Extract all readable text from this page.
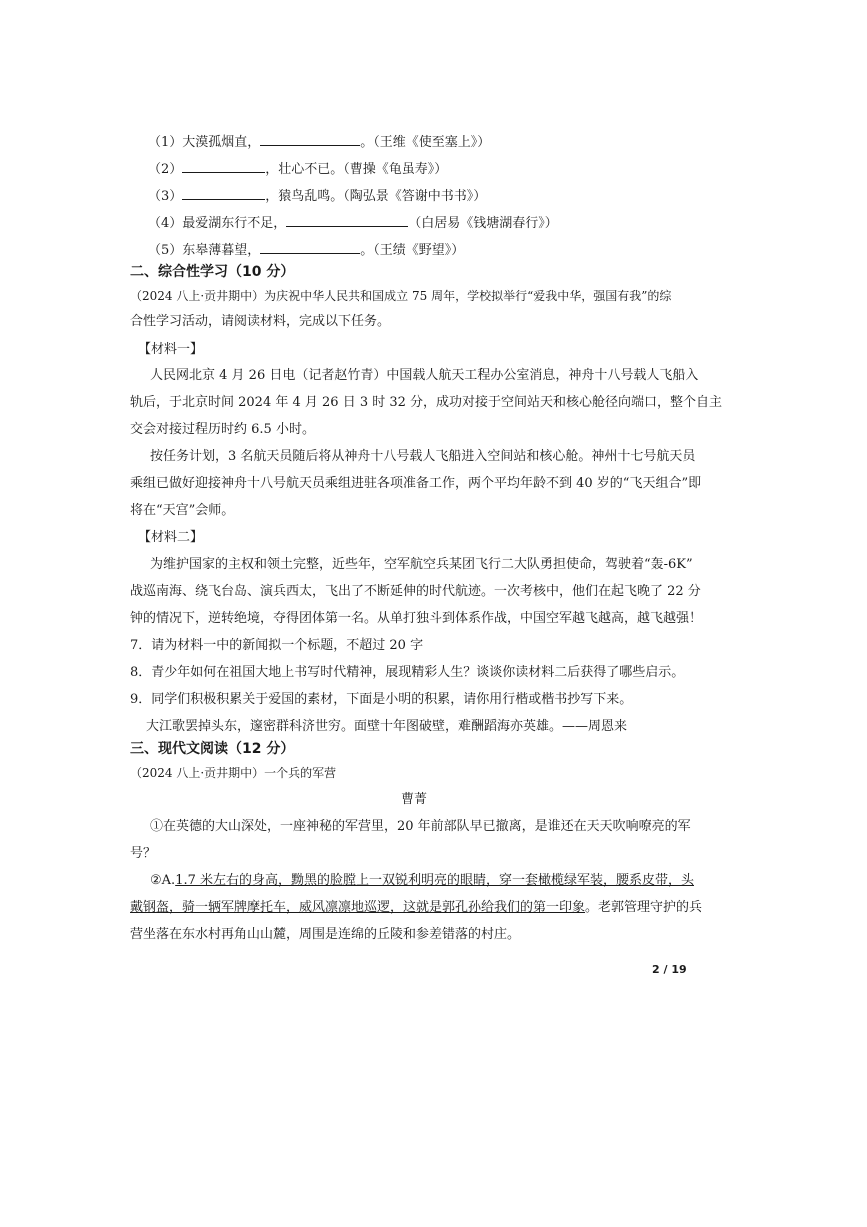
（1）大漠孤烟直，	。（王维《使至塞上》）
（2）	，壮心不已。（曹操《龟虽寿》）
（3）	，猿鸟乱鸣。（陶弘景《答谢中书书》）
（4）最爱湖东行不足，	（白居易《钱塘湖春行》）
（5）东皋薄暮望，	。（王绩《野望》）
二、综合性学习（10 分）
（2024 八上·贡井期中）为庆祝中华人民共和国成立 75 周年，学校拟举行“爱我中华，强国有我”的综
合性学习活动，请阅读材料，完成以下任务。
【材料一】
人民网北京 4 月 26 日电（记者赵竹青）中国载人航天工程办公室消息，神舟十八号载人飞船入
轨后，于北京时间 2024 年 4 月 26 日 3 时 32 分，成功对接于空间站天和核心舱径向端口，整个自主
交会对接过程历时约 6.5 小时。
按任务计划，3 名航天员随后将从神舟十八号载人飞船进入空间站和核心舱。神州十七号航天员
乘组已做好迎接神舟十八号航天员乘组进驻各项准备工作，两个平均年龄不到 40 岁的“飞天组合”即
将在“天宫”会师。
【材料二】
为维护国家的主权和领土完整，近些年，空军航空兵某团飞行二大队勇担使命，驾驶着“轰-6K”
战巡南海、绕飞台岛、演兵西太，飞出了不断延伸的时代航迹。一次考核中，他们在起飞晚了 22 分
钟的情况下，逆转绝境，夺得团体第一名。从单打独斗到体系作战，中国空军越飞越高，越飞越强！
7．请为材料一中的新闻拟一个标题，不超过 20 字
8．青少年如何在祖国大地上书写时代精神，展现精彩人生？谈谈你读材料二后获得了哪些启示。
9．同学们积极积累关于爱国的素材，下面是小明的积累，请你用行楷或楷书抄写下来。
大江歌罢掉头东，邃密群科济世穷。面壁十年图破壁，难酬蹈海亦英雄。——周恩来
三、现代文阅读（12 分）
（2024 八上·贡井期中）一个兵的军营
曹菁
①在英德的大山深处，一座神秘的军营里，20 年前部队早已撤离，是谁还在天天吹响嘹亮的军
号？
②A.1.7 米左右的身高，黝黑的脸膛上一双锐利明亮的眼睛，穿一套橄榄绿军装，腰系皮带，头
戴钢盔，骑一辆军牌摩托车，威风凛凛地巡逻，这就是郭孔孙给我们的第一印象。老郭管理守护的兵
营坐落在东水村再角山山麓，周围是连绵的丘陵和参差错落的村庄。
2 / 19
